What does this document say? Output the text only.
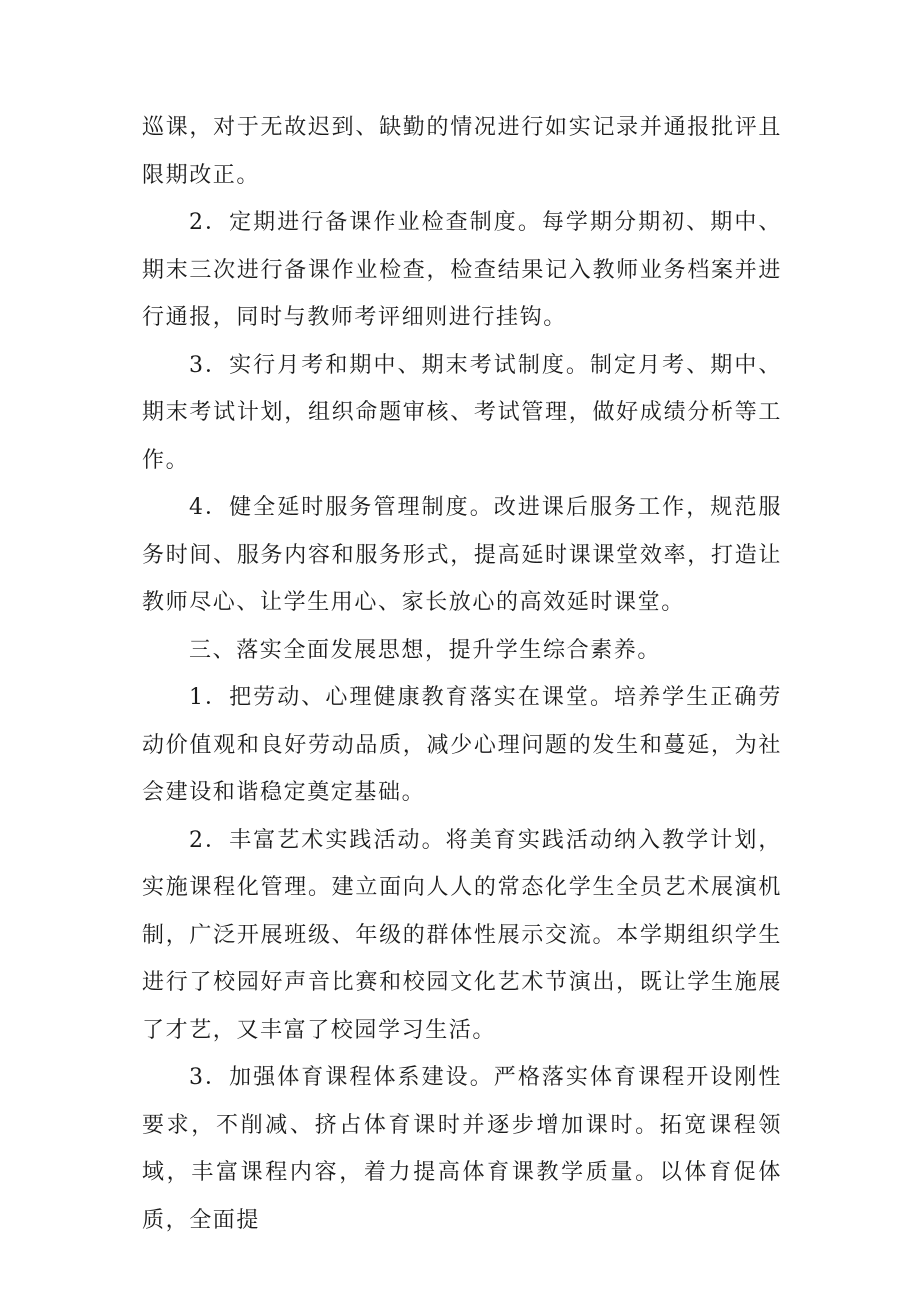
巡课，对于无故迟到、缺勤的情况进行如实记录并通报批评且限期改正。

2．定期进行备课作业检查制度。每学期分期初、期中、期末三次进行备课作业检查，检查结果记入教师业务档案并进行通报，同时与教师考评细则进行挂钩。

3．实行月考和期中、期末考试制度。制定月考、期中、期末考试计划，组织命题审核、考试管理，做好成绩分析等工作。

4．健全延时服务管理制度。改进课后服务工作，规范服务时间、服务内容和服务形式，提高延时课课堂效率，打造让教师尽心、让学生用心、家长放心的高效延时课堂。

三、落实全面发展思想，提升学生综合素养。

1．把劳动、心理健康教育落实在课堂。培养学生正确劳动价值观和良好劳动品质，减少心理问题的发生和蔓延，为社会建设和谐稳定奠定基础。

2．丰富艺术实践活动。将美育实践活动纳入教学计划，实施课程化管理。建立面向人人的常态化学生全员艺术展演机制，广泛开展班级、年级的群体性展示交流。本学期组织学生进行了校园好声音比赛和校园文化艺术节演出，既让学生施展了才艺，又丰富了校园学习生活。

3．加强体育课程体系建设。严格落实体育课程开设刚性要求，不削减、挤占体育课时并逐步增加课时。拓宽课程领域，丰富课程内容，着力提高体育课教学质量。以体育促体质，全面提
